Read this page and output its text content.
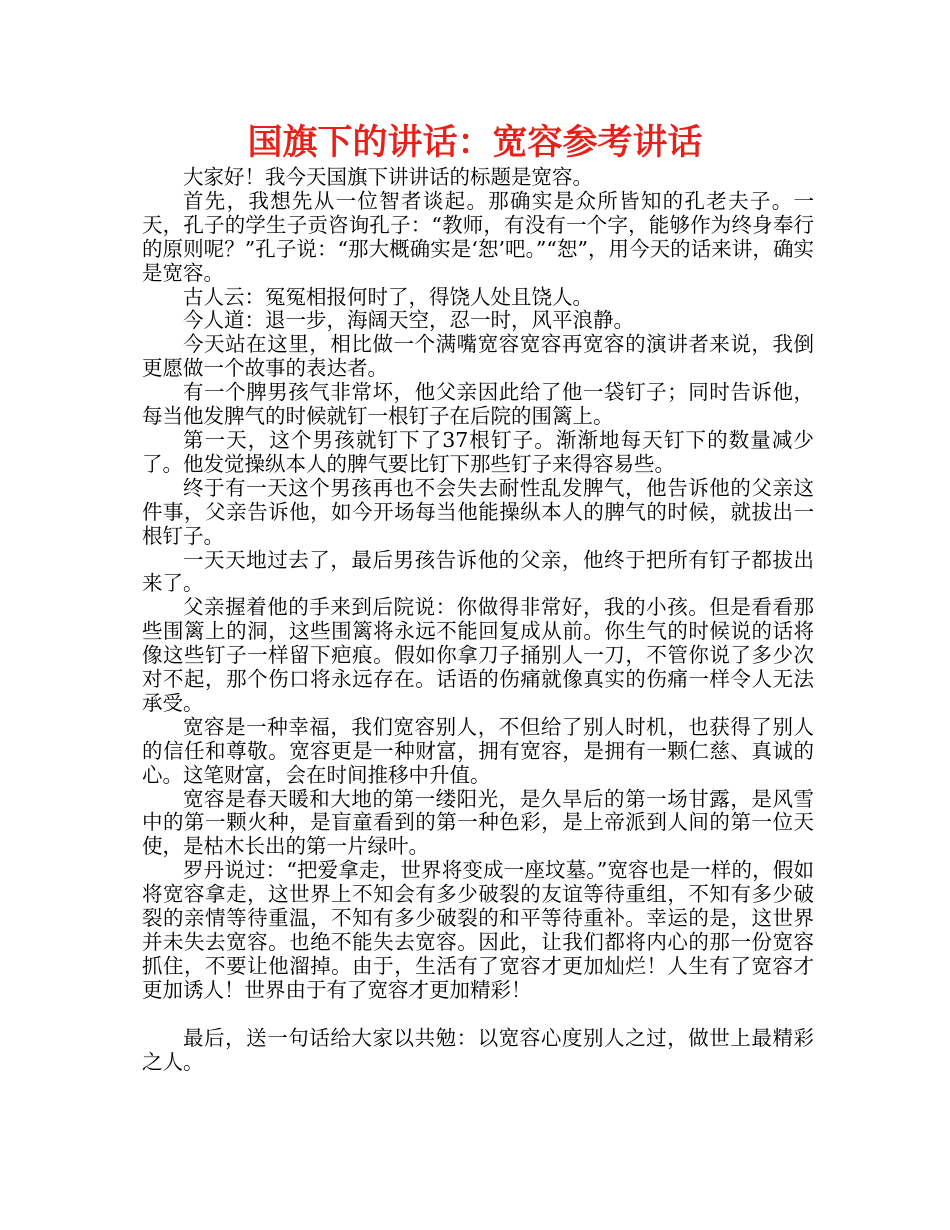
国旗下的讲话：宽容参考讲话

大家好！我今天国旗下讲讲话的标题是宽容。

首先，我想先从一位智者谈起。那确实是众所皆知的孔老夫子。一天，孔子的学生子贡咨询孔子：“教师，有没有一个字，能够作为终身奉行的原则呢？”孔子说：“那大概确实是‘恕’吧。”“恕”，用今天的话来讲，确实是宽容。

古人云：冤冤相报何时了，得饶人处且饶人。

今人道：退一步，海阔天空，忍一时，风平浪静。

今天站在这里，相比做一个满嘴宽容宽容再宽容的演讲者来说，我倒更愿做一个故事的表达者。

有一个脾男孩气非常坏，他父亲因此给了他一袋钉子；同时告诉他，每当他发脾气的时候就钉一根钉子在后院的围篱上。

第一天，这个男孩就钉下了37根钉子。渐渐地每天钉下的数量减少了。他发觉操纵本人的脾气要比钉下那些钉子来得容易些。

终于有一天这个男孩再也不会失去耐性乱发脾气，他告诉他的父亲这件事，父亲告诉他，如今开场每当他能操纵本人的脾气的时候，就拔出一根钉子。

一天天地过去了，最后男孩告诉他的父亲，他终于把所有钉子都拔出来了。

父亲握着他的手来到后院说：你做得非常好，我的小孩。但是看看那些围篱上的洞，这些围篱将永远不能回复成从前。你生气的时候说的话将像这些钉子一样留下疤痕。假如你拿刀子捅别人一刀，不管你说了多少次对不起，那个伤口将永远存在。话语的伤痛就像真实的伤痛一样令人无法承受。

宽容是一种幸福，我们宽容别人，不但给了别人时机，也获得了别人的信任和尊敬。宽容更是一种财富，拥有宽容，是拥有一颗仁慈、真诚的心。这笔财富，会在时间推移中升值。

宽容是春天暖和大地的第一缕阳光，是久旱后的第一场甘露，是风雪中的第一颗火种，是盲童看到的第一种色彩，是上帝派到人间的第一位天使，是枯木长出的第一片绿叶。

罗丹说过：“把爱拿走，世界将变成一座坟墓。”宽容也是一样的，假如将宽容拿走，这世界上不知会有多少破裂的友谊等待重组，不知有多少破裂的亲情等待重温，不知有多少破裂的和平等待重补。幸运的是，这世界并未失去宽容。也绝不能失去宽容。因此，让我们都将内心的那一份宽容抓住，不要让他溜掉。由于，生活有了宽容才更加灿烂！人生有了宽容才更加诱人！世界由于有了宽容才更加精彩！

最后，送一句话给大家以共勉：以宽容心度别人之过，做世上最精彩之人。
